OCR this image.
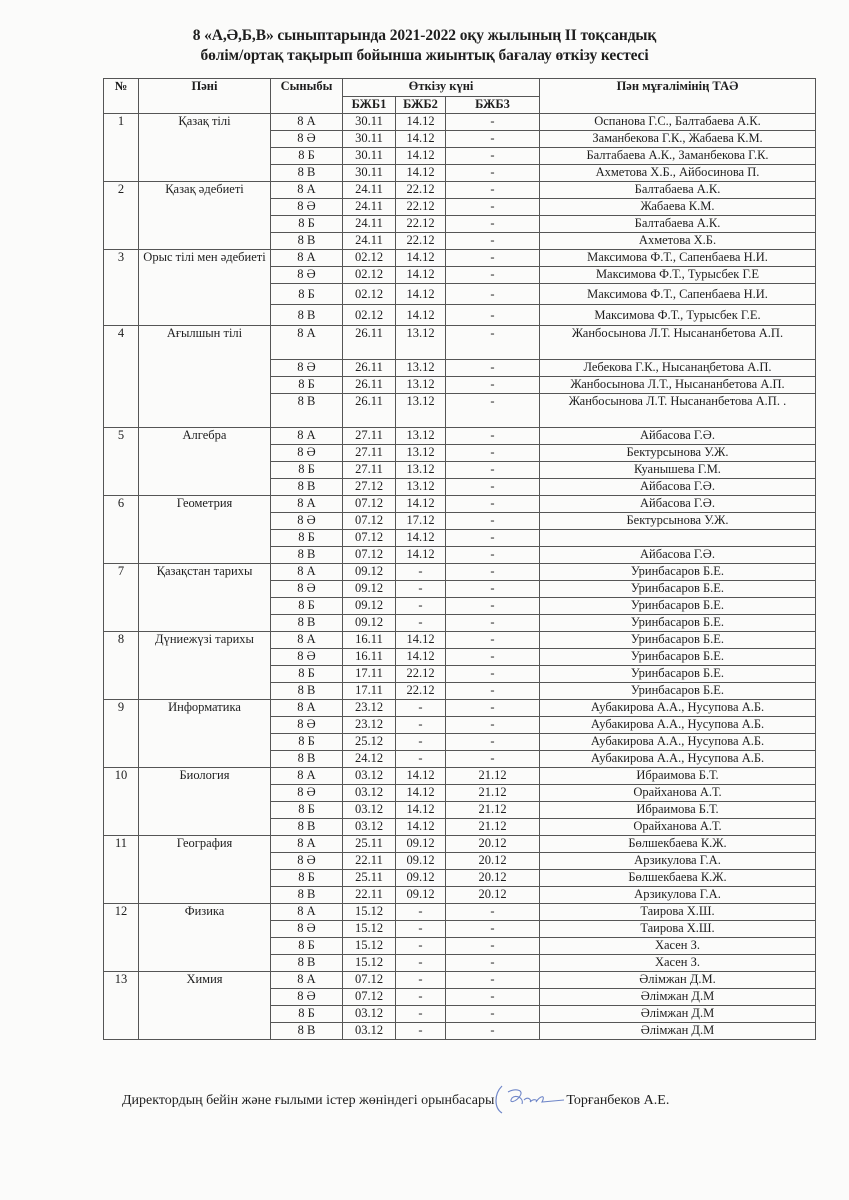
8 «А,Ә,Б,В» сыныптарында 2021-2022 оқу жылының II тоқсандық
бөлім/ортақ тақырып бойынша жиынтық бағалау өткізу кестесі
№	Пәні	Сыныбы	Өткізу күні			Пән мұғалімінің ТАӘ
			БЖБ1	БЖБ2	БЖБ3	
1	Қазақ тілі	8 А	30.11	14.12	-	Оспанова Г.С., Балтабаева А.К.
		8 Ә	30.11	14.12	-	Заманбекова Г.К., Жабаева К.М.
		8 Б	30.11	14.12	-	Балтабаева А.К., Заманбекова Г.К.
		8 В	30.11	14.12	-	Ахметова Х.Б., Айбосинова П.
2	Қазақ әдебиеті	8 А	24.11	22.12	-	Балтабаева А.К.
		8 Ә	24.11	22.12	-	Жабаева К.М.
		8 Б	24.11	22.12	-	Балтабаева А.К.
		8 В	24.11	22.12	-	Ахметова Х.Б.
3	Орыс тілі мен әдебиеті	8 А	02.12	14.12	-	Максимова Ф.Т., Сапенбаева Н.И.
		8 Ә	02.12	14.12	-	Максимова Ф.Т., Турысбек Г.Е
		8 Б	02.12	14.12	-	Максимова Ф.Т., Сапенбаева Н.И.
		8 В	02.12	14.12	-	Максимова Ф.Т., Турысбек Г.Е.
4	Ағылшын тілі	8 А	26.11	13.12	-	Жанбосынова Л.Т. Нысананбетова А.П.
		8 Ә	26.11	13.12	-	Лебекова Г.К., Нысанаңбетова А.П.
		8 Б	26.11	13.12	-	Жанбосынова Л.Т., Нысананбетова А.П.
		8 В	26.11	13.12	-	Жанбосынова Л.Т. Нысананбетова А.П. .
5	Алгебра	8 А	27.11	13.12	-	Айбасова Г.Ә.
		8 Ә	27.11	13.12	-	Бектурсынова У.Ж.
		8 Б	27.11	13.12	-	Куанышева Г.М.
		8 В	27.12	13.12	-	Айбасова Г.Ә.
6	Геометрия	8 А	07.12	14.12	-	Айбасова Г.Ә.
		8 Ә	07.12	17.12	-	Бектурсынова У.Ж.
		8 Б	07.12	14.12	-	
		8 В	07.12	14.12	-	Айбасова Г.Ә.
7	Қазақстан тарихы	8 А	09.12	-	-	Уринбасаров Б.Е.
		8 Ә	09.12	-	-	Уринбасаров Б.Е.
		8 Б	09.12	-	-	Уринбасаров Б.Е.
		8 В	09.12	-	-	Уринбасаров Б.Е.
8	Дүниежүзі тарихы	8 А	16.11	14.12	-	Уринбасаров Б.Е.
		8 Ә	16.11	14.12	-	Уринбасаров Б.Е.
		8 Б	17.11	22.12	-	Уринбасаров Б.Е.
		8 В	17.11	22.12	-	Уринбасаров Б.Е.
9	Информатика	8 А	23.12	-	-	Аубакирова А.А., Нусупова А.Б.
		8 Ә	23.12	-	-	Аубакирова А.А., Нусупова А.Б.
		8 Б	25.12	-	-	Аубакирова А.А., Нусупова А.Б.
		8 В	24.12	-	-	Аубакирова А.А., Нусупова А.Б.
10	Биология	8 А	03.12	14.12	21.12	Ибраимова Б.Т.
		8 Ә	03.12	14.12	21.12	Орайханова А.Т.
		8 Б	03.12	14.12	21.12	Ибраимова Б.Т.
		8 В	03.12	14.12	21.12	Орайханова А.Т.
11	География	8 А	25.11	09.12	20.12	Бөлшекбаева К.Ж.
		8 Ә	22.11	09.12	20.12	Арзикулова Г.А.
		8 Б	25.11	09.12	20.12	Бөлшекбаева К.Ж.
		8 В	22.11	09.12	20.12	Арзикулова Г.А.
12	Физика	8 А	15.12	-	-	Таирова Х.Ш.
		8 Ә	15.12	-	-	Таирова Х.Ш.
		8 Б	15.12	-	-	Хасен З.
		8 В	15.12	-	-	Хасен З.
13	Химия	8 А	07.12	-	-	Әлімжан Д.М.
		8 Ә	07.12	-	-	Әлімжан Д.М
		8 Б	03.12	-	-	Әлімжан Д.М
		8 В	03.12	-	-	Әлімжан Д.М
Директордың бейін және ғылыми істер жөніндегі орынбасары	Торғанбеков А.Е.
